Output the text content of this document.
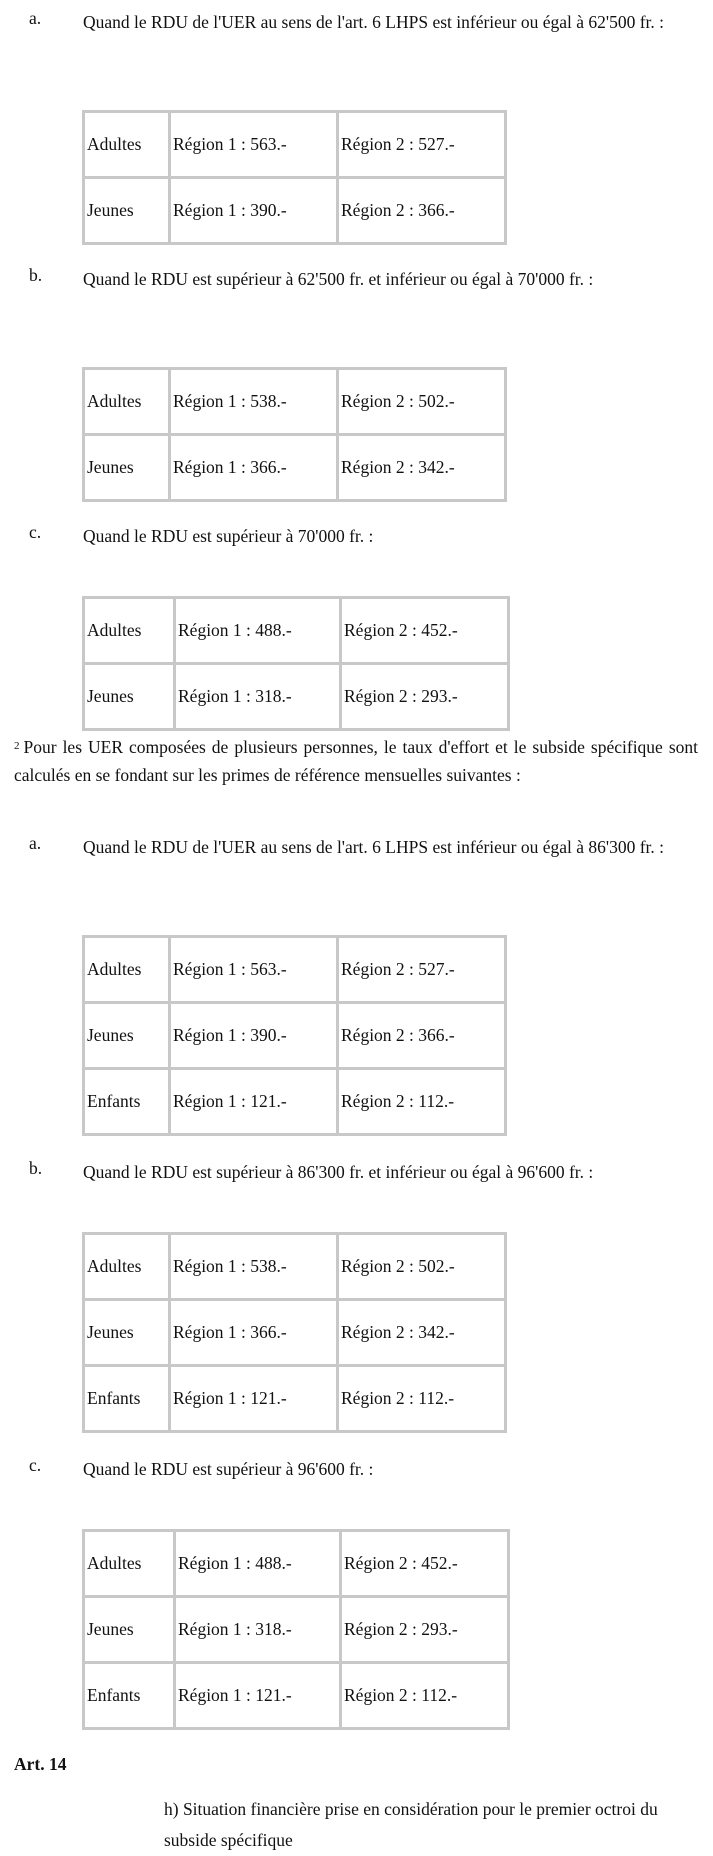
a. Quand le RDU de l'UER au sens de l'art. 6 LHPS est inférieur ou égal à 62'500 fr. :
Adultes	Région 1 : 563.-	Région 2 : 527.-
Jeunes	Région 1 : 390.-	Région 2 : 366.-
b. Quand le RDU est supérieur à 62'500 fr. et inférieur ou égal à 70'000 fr. :
Adultes	Région 1 : 538.-	Région 2 : 502.-
Jeunes	Région 1 : 366.-	Région 2 : 342.-
c. Quand le RDU est supérieur à 70'000 fr. :
Adultes	Région 1 : 488.-	Région 2 : 452.-
Jeunes	Région 1 : 318.-	Région 2 : 293.-
$^2$ Pour les UER composées de plusieurs personnes, le taux d'effort et le subside spécifique sont calculés en se fondant sur les primes de référence mensuelles suivantes :
a. Quand le RDU de l'UER au sens de l'art. 6 LHPS est inférieur ou égal à 86'300 fr. :
Adultes	Région 1 : 563.-	Région 2 : 527.-
Jeunes	Région 1 : 390.-	Région 2 : 366.-
Enfants	Région 1 : 121.-	Région 2 : 112.-
b. Quand le RDU est supérieur à 86'300 fr. et inférieur ou égal à 96'600 fr. :
Adultes	Région 1 : 538.-	Région 2 : 502.-
Jeunes	Région 1 : 366.-	Région 2 : 342.-
Enfants	Région 1 : 121.-	Région 2 : 112.-
c. Quand le RDU est supérieur à 96'600 fr. :
Adultes	Région 1 : 488.-	Région 2 : 452.-
Jeunes	Région 1 : 318.-	Région 2 : 293.-
Enfants	Région 1 : 121.-	Région 2 : 112.-
Art. 14
h) Situation financière prise en considération pour le premier octroi du subside spécifique
